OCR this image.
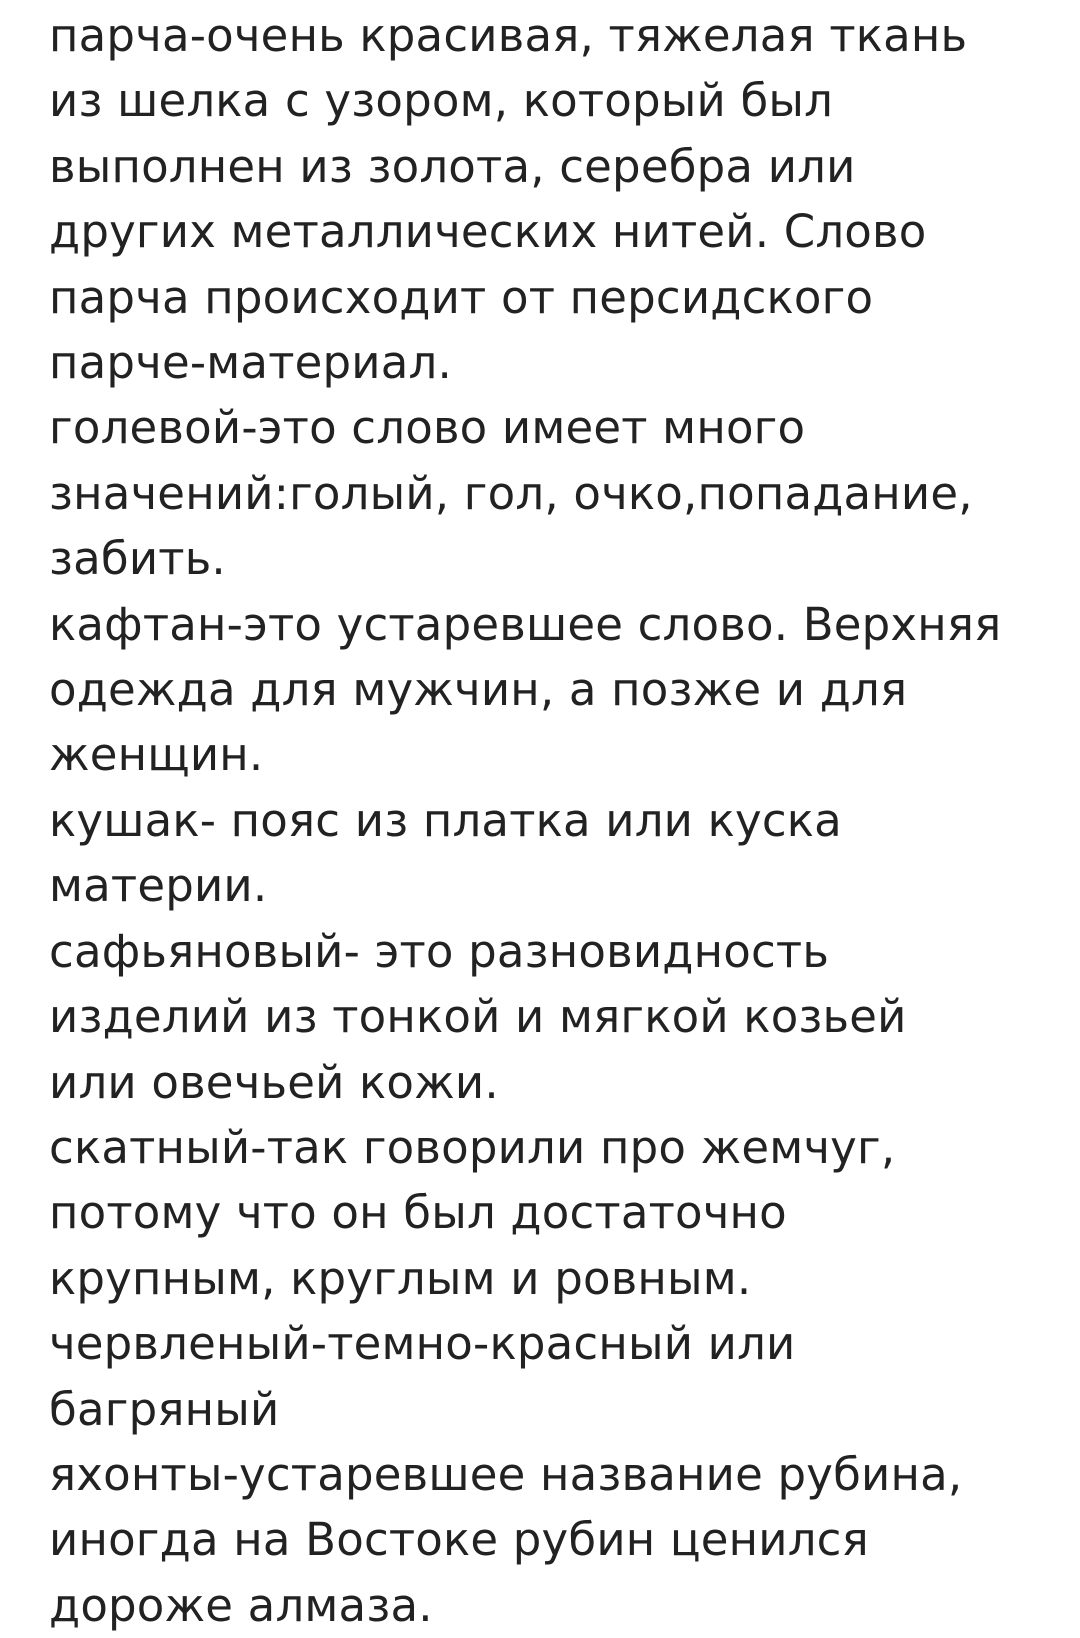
парча-очень красивая, тяжелая ткань
из шелка с узором, который был
выполнен из золота, серебра или
других металлических нитей. Слово
парча происходит от персидского
парче-материал.
голевой-это слово имеет много
значений:голый, гол, очко,попадание,
забить.
кафтан-это устаревшее слово. Верхняя
одежда для мужчин, а позже и для
женщин.
кушак- пояс из платка или куска
материи.
сафьяновый- это разновидность
изделий из тонкой и мягкой козьей
или овечьей кожи.
скатный-так говорили про жемчуг,
потому что он был достаточно
крупным, круглым и ровным.
червленый-темно-красный или
багряный
яхонты-устаревшее название рубина,
иногда на Востоке рубин ценился
дороже алмаза.
